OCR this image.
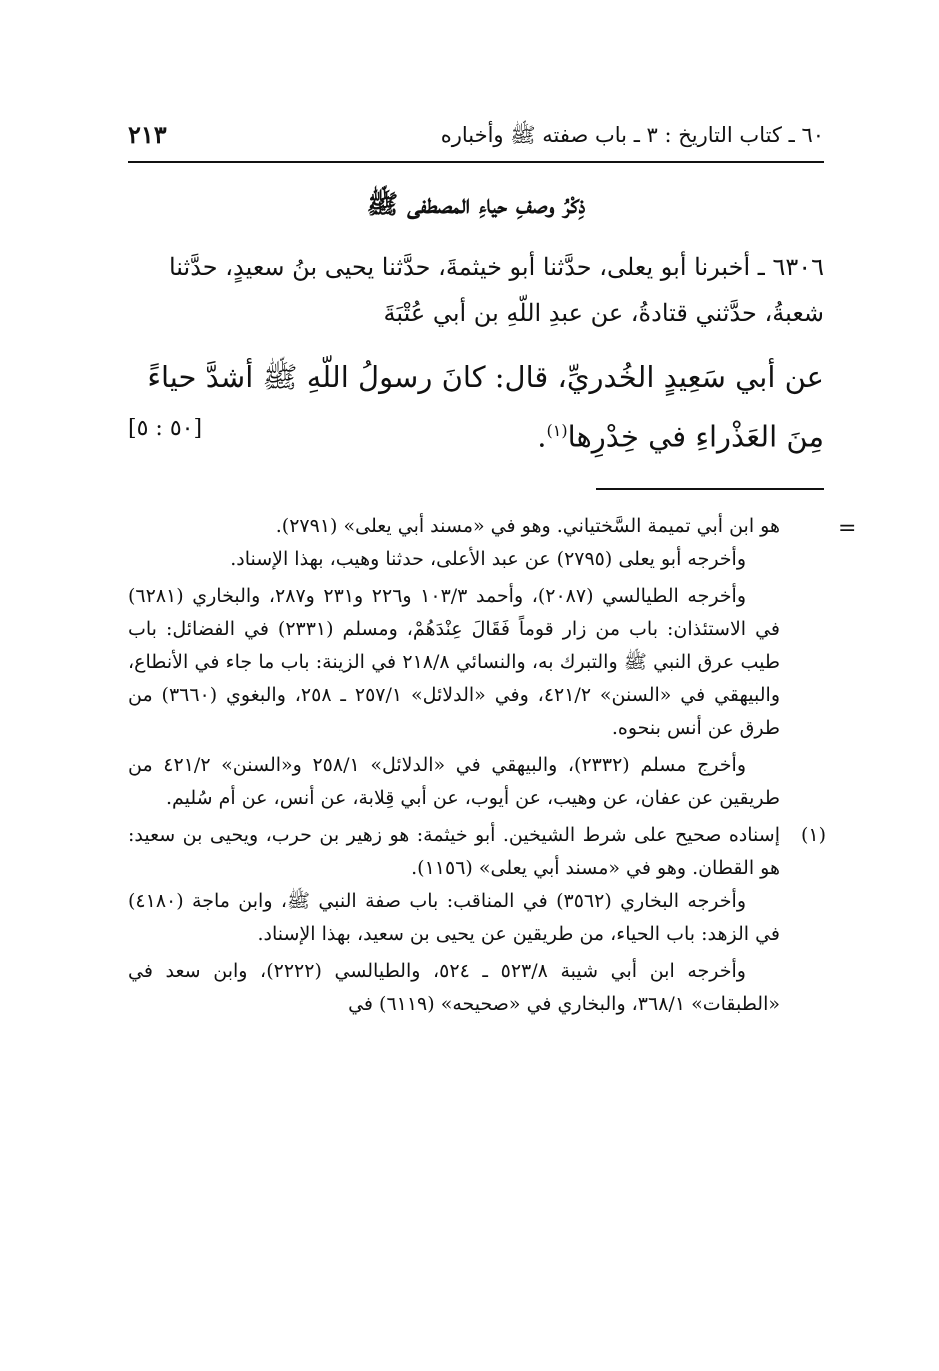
٦٠ ـ كتاب التاريخ : ٣ ـ باب صفته ﷺ وأخباره
٢١٣
ذِكْرُ وصفِ حياءِ المصطفى ﷺ
٦٣٠٦ ـ أخبرنا أبو يعلى، حدَّثنا أبو خيثمةَ، حدَّثنا يحيى بنُ سعيدٍ، حدَّثنا شعبةُ، حدَّثني قتادةُ، عن عبدِ اللّهِ بن أبي عُتْبَةَ
عن أبي سَعِيدٍ الخُدريِّ، قال: كانَ رسولُ اللّهِ ﷺ أشدَّ حياءً مِنَ العَذْراءِ في خِدْرِها$^{(١)}$.
[٥٠ : ٥]
=

هو ابن أبي تميمة السَّختياني. وهو في «مسند أبي يعلى» (٢٧٩١).

وأخرجه أبو يعلى (٢٧٩٥) عن عبد الأعلى، حدثنا وهيب، بهذا الإسناد.

وأخرجه الطيالسي (٢٠٨٧)، وأحمد ١٠٣/٣ و٢٢٦ و٢٣١ و٢٨٧، والبخاري (٦٢٨١) في الاستئذان: باب من زار قوماً فَقَالَ عِنْدَهُمْ، ومسلم (٢٣٣١) في الفضائل: باب طيب عرق النبي ﷺ والتبرك به، والنسائي ٢١٨/٨ في الزينة: باب ما جاء في الأنطاع، والبيهقي في «السنن» ٤٢١/٢، وفي «الدلائل» ٢٥٧/١ ـ ٢٥٨، والبغوي (٣٦٦٠) من طرق عن أنس بنحوه.

وأخرج مسلم (٢٣٣٢)، والبيهقي في «الدلائل» ٢٥٨/١ و«السنن» ٤٢١/٢ من طريقين عن عفان، عن وهيب، عن أيوب، عن أبي قِلابة، عن أنس، عن أم سُليم.

(١)

إسناده صحيح على شرط الشيخين. أبو خيثمة: هو زهير بن حرب، ويحيى بن سعيد: هو القطان. وهو في «مسند أبي يعلى» (١١٥٦).

وأخرجه البخاري (٣٥٦٢) في المناقب: باب صفة النبي ﷺ، وابن ماجة (٤١٨٠) في الزهد: باب الحياء، من طريقين عن يحيى بن سعيد، بهذا الإسناد.

وأخرجه ابن أبي شيبة ٥٢٣/٨ ـ ٥٢٤، والطيالسي (٢٢٢٢)، وابن سعد في «الطبقات» ٣٦٨/١، والبخاري في «صحيحه» (٦١١٩) في
